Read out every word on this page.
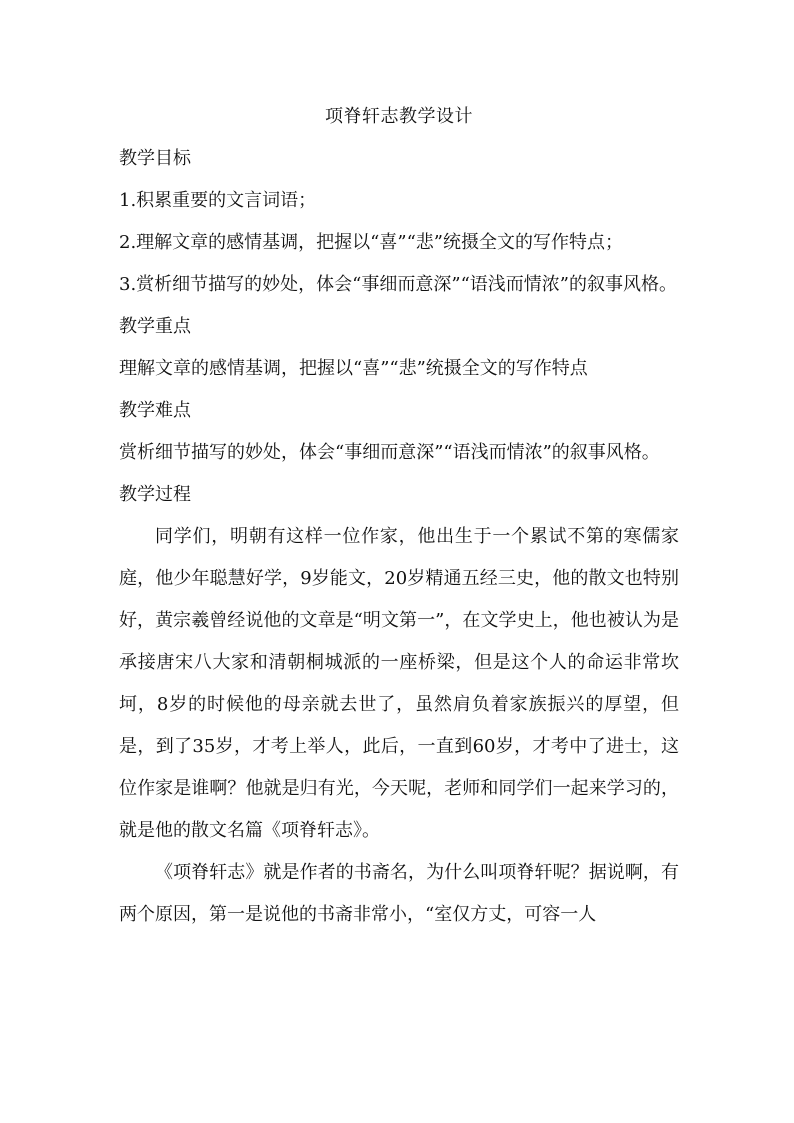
项脊轩志教学设计

教学目标

1.积累重要的文言词语；

2.理解文章的感情基调，把握以“喜”“悲”统摄全文的写作特点；

3.赏析细节描写的妙处，体会“事细而意深”“语浅而情浓”的叙事风格。

教学重点

理解文章的感情基调，把握以“喜”“悲”统摄全文的写作特点

教学难点

赏析细节描写的妙处，体会“事细而意深”“语浅而情浓”的叙事风格。

教学过程

同学们，明朝有这样一位作家，他出生于一个累试不第的寒儒家庭，他少年聪慧好学，9岁能文，20岁精通五经三史，他的散文也特别好，黄宗羲曾经说他的文章是“明文第一”，在文学史上，他也被认为是承接唐宋八大家和清朝桐城派的一座桥梁，但是这个人的命运非常坎坷，8岁的时候他的母亲就去世了，虽然肩负着家族振兴的厚望，但是，到了35岁，才考上举人，此后，一直到60岁，才考中了进士，这位作家是谁啊？他就是归有光，今天呢，老师和同学们一起来学习的，就是他的散文名篇《项脊轩志》。

《项脊轩志》就是作者的书斋名，为什么叫项脊轩呢？据说啊，有两个原因，第一是说他的书斋非常小，“室仅方丈，可容一人
